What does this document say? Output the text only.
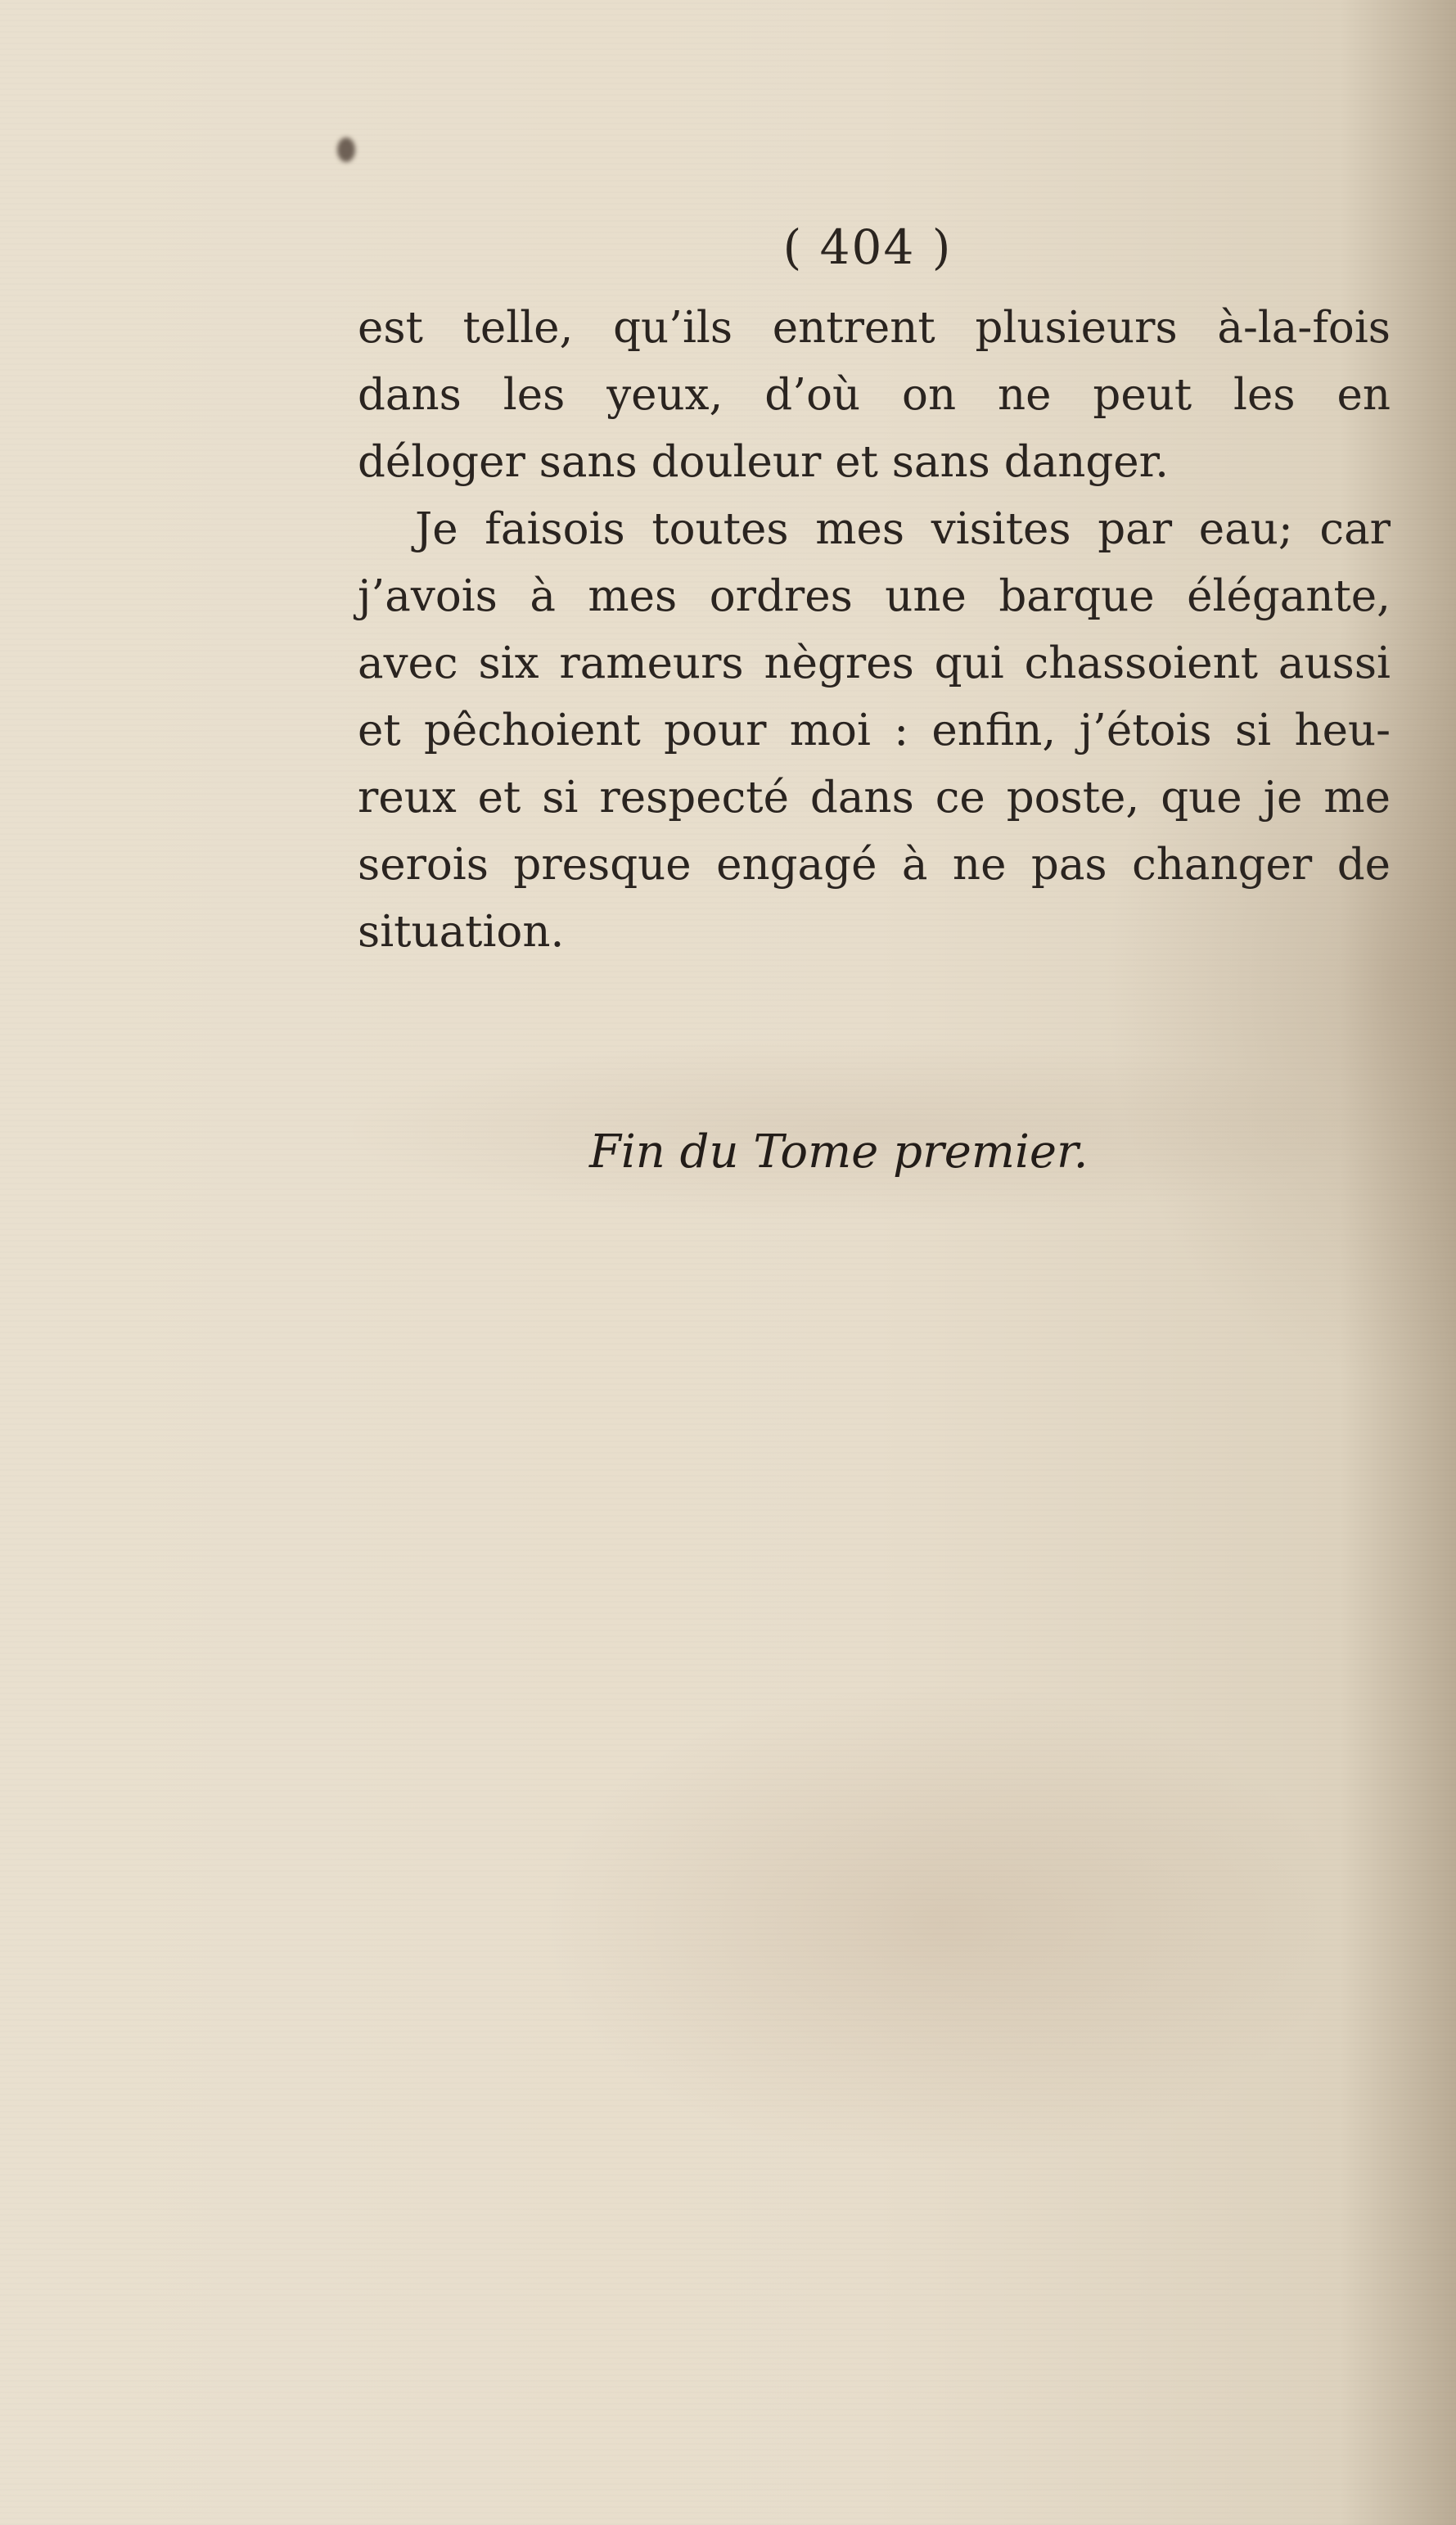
( 404 )
est telle, qu’ils entrent plusieurs à-la-fois
dans les yeux, d’où on ne peut les en
déloger sans douleur et sans danger.
Je faisois toutes mes visites par eau; car
j’avois à mes ordres une barque élégante,
avec six rameurs nègres qui chassoient aussi
et pêchoient pour moi : enfin, j’étois si heu-
reux et si respecté dans ce poste, que je me
serois presque engagé à ne pas changer de
situation.
Fin du Tome premier.
